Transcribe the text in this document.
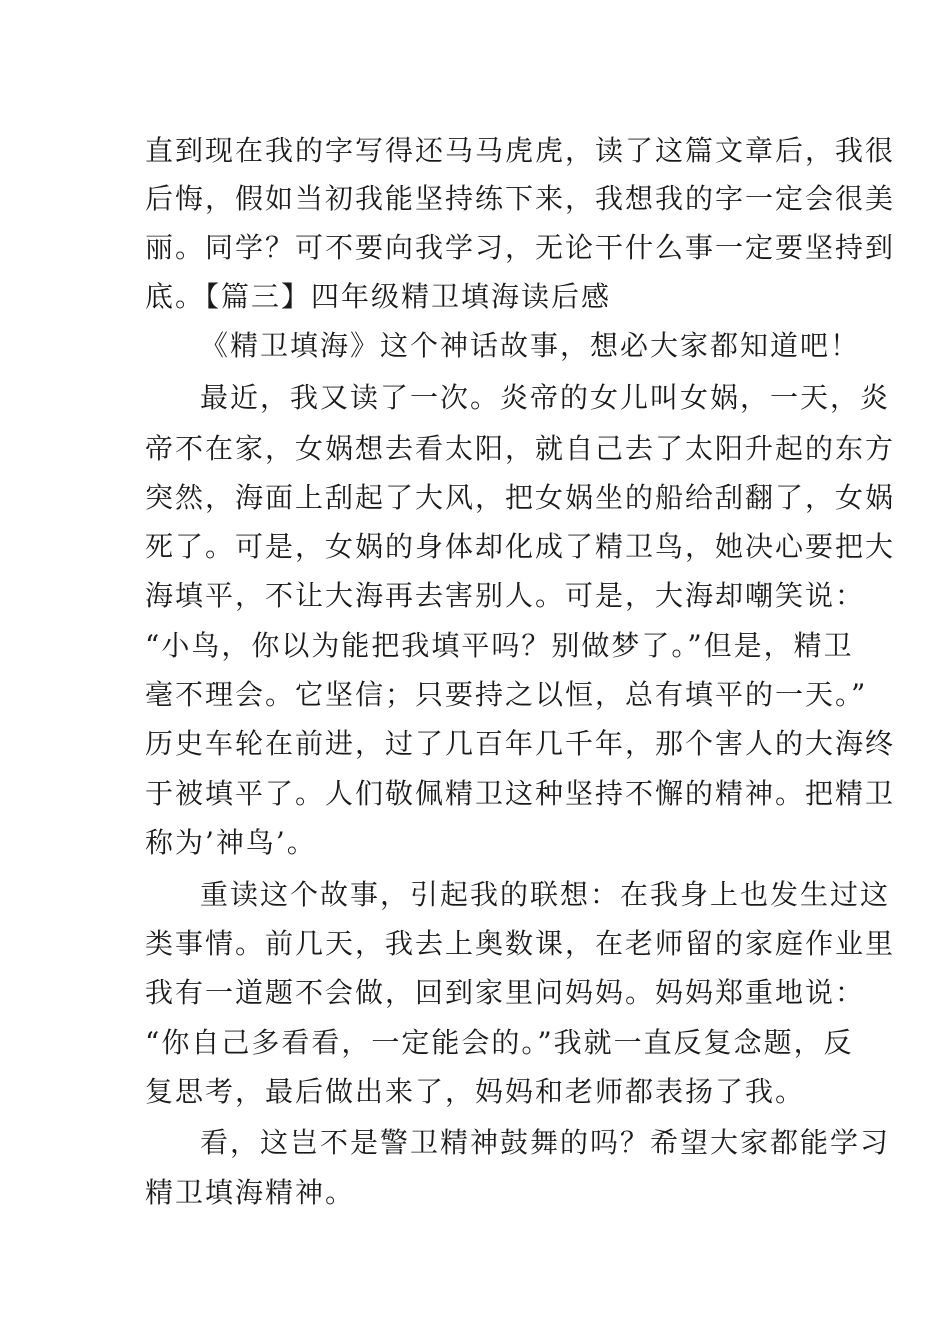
直到现在我的字写得还马马虎虎，读了这篇文章后，我很
后悔，假如当初我能坚持练下来，我想我的字一定会很美
丽。同学？可不要向我学习，无论干什么事一定要坚持到
底。【篇三】四年级精卫填海读后感
《精卫填海》这个神话故事，想必大家都知道吧！
最近，我又读了一次。炎帝的女儿叫女娲，一天，炎
帝不在家，女娲想去看太阳，就自己去了太阳升起的东方
突然，海面上刮起了大风，把女娲坐的船给刮翻了，女娲
死了。可是，女娲的身体却化成了精卫鸟，她决心要把大
海填平，不让大海再去害别人。可是，大海却嘲笑说：
“小鸟，你以为能把我填平吗？别做梦了。”但是，精卫
毫不理会。它坚信；只要持之以恒，总有填平的一天。”
历史车轮在前进，过了几百年几千年，那个害人的大海终
于被填平了。人们敬佩精卫这种坚持不懈的精神。把精卫
称为’神鸟’。
重读这个故事，引起我的联想：在我身上也发生过这
类事情。前几天，我去上奥数课，在老师留的家庭作业里
我有一道题不会做，回到家里问妈妈。妈妈郑重地说：
“你自己多看看，一定能会的。”我就一直反复念题，反
复思考，最后做出来了，妈妈和老师都表扬了我。
看，这岂不是警卫精神鼓舞的吗？希望大家都能学习
精卫填海精神。
